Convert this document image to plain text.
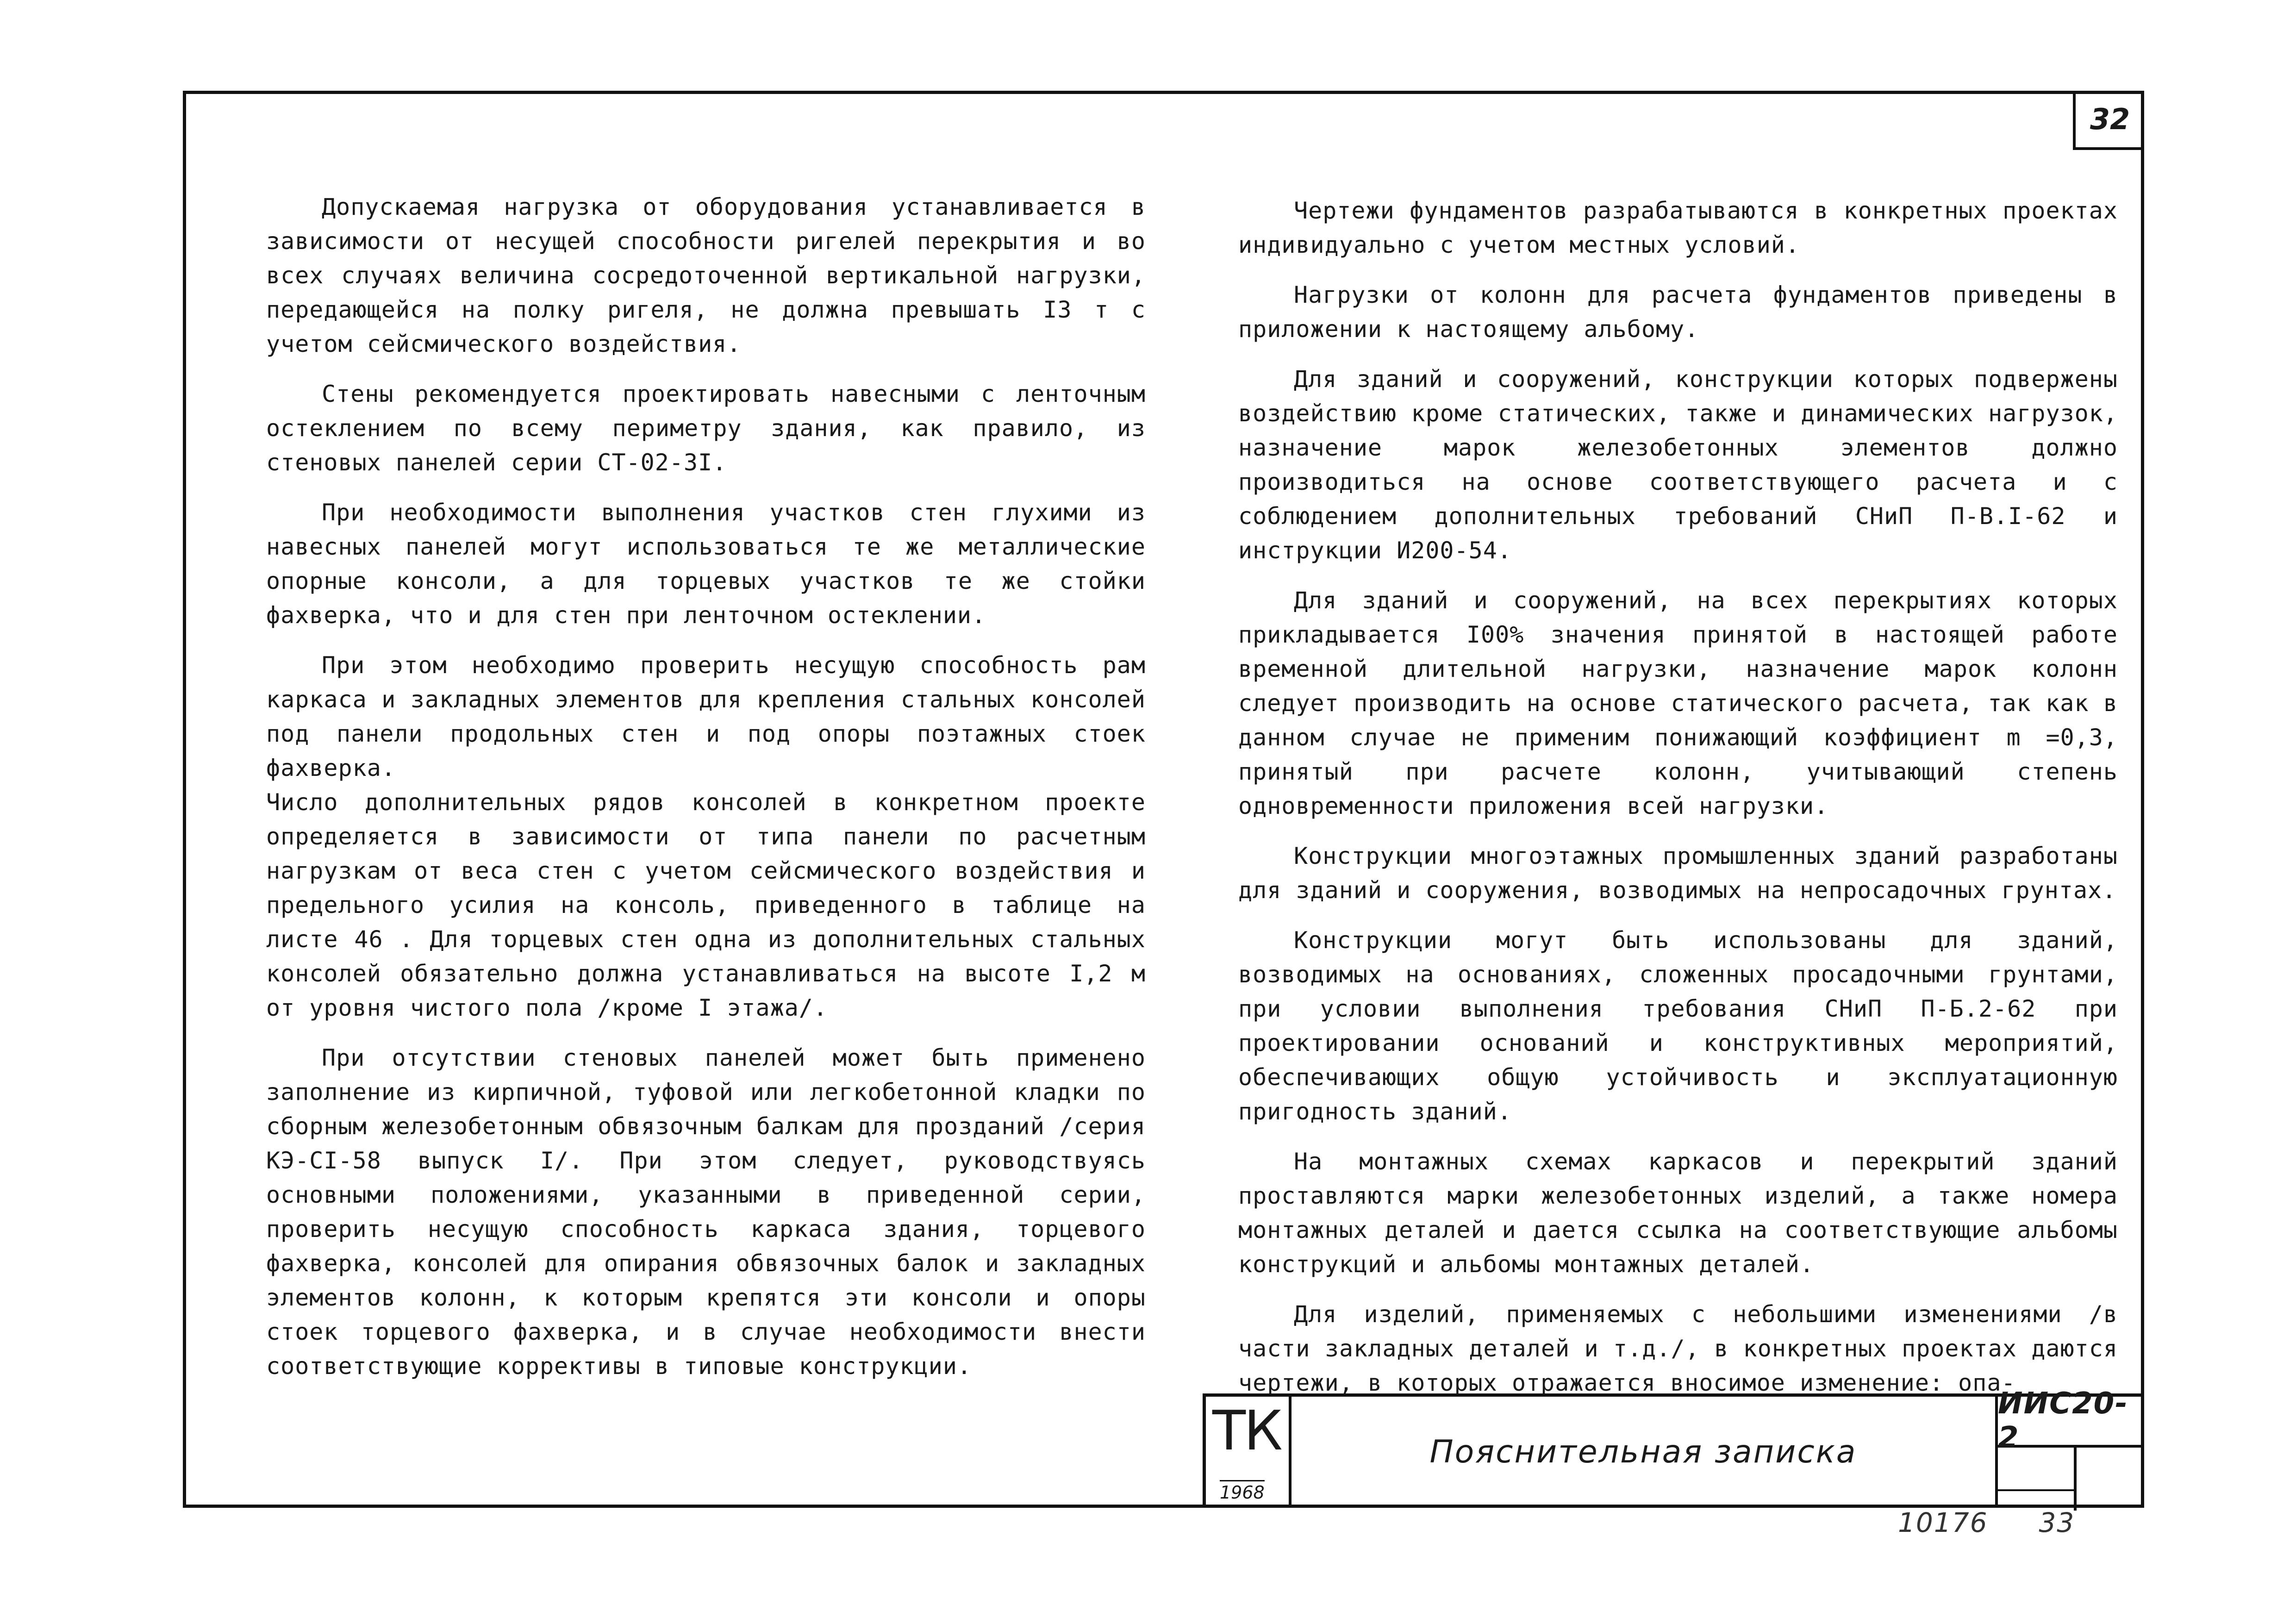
32

Допускаемая нагрузка от оборудования устанавливается в зависимости от несущей способности ригелей перекрытия и во всех случаях величина сосредоточенной вертикальной нагрузки, передающейся на полку ригеля, не должна превышать I3 т с учетом сейсмического воздействия.

Стены рекомендуется проектировать навесными с ленточным остеклением по всему периметру здания, как правило, из стеновых панелей серии СТ-02-3I.

При необходимости выполнения участков стен глухими из навесных панелей могут использоваться те же металлические опорные консоли, а для торцевых участков те же стойки фахверка, что и для стен при ленточном остеклении.

При этом необходимо проверить несущую способность рам каркаса и закладных элементов для крепления стальных консолей под панели продольных стен и под опоры поэтажных стоек фахверка.

Число дополнительных рядов консолей в конкретном проекте определяется в зависимости от типа панели по расчетным нагрузкам от веса стен с учетом сейсмического воздействия и предельного усилия на консоль, приведенного в таблице на листе 46 . Для торцевых стен одна из дополнительных стальных консолей обязательно должна устанавливаться на высоте I,2 м от уровня чистого пола /кроме I этажа/.

При отсутствии стеновых панелей может быть применено заполнение из кирпичной, туфовой или легкобетонной кладки по сборным железобетонным обвязочным балкам для прозданий /серия КЭ-СI-58 выпуск I/. При этом следует, руководствуясь основными положениями, указанными в приведенной серии, проверить несущую способность каркаса здания, торцевого фахверка, консолей для опирания обвязочных балок и закладных элементов колонн, к которым крепятся эти консоли и опоры стоек торцевого фахверка, и в случае необходимости внести соответствующие коррективы в типовые конструкции.

Чертежи фундаментов разрабатываются в конкретных проектах индивидуально с учетом местных условий.

Нагрузки от колонн для расчета фундаментов приведены в приложении к настоящему альбому.

Для зданий и сооружений, конструкции которых подвержены воздействию кроме статических, также и динамических нагрузок, назначение марок железобетонных элементов должно производиться на основе соответствующего расчета и с соблюдением дополнительных требований СНиП П-В.I-62 и инструкции И200-54.

Для зданий и сооружений, на всех перекрытиях которых прикладывается I00% значения принятой в настоящей работе временной длительной нагрузки, назначение марок колонн следует производить на основе статического расчета, так как в данном случае не применим понижающий коэффициент m =0,3, принятый при расчете колонн, учитывающий степень одновременности приложения всей нагрузки.

Конструкции многоэтажных промышленных зданий разработаны для зданий и сооружения, возводимых на непросадочных грунтах.

Конструкции могут быть использованы для зданий, возводимых на основаниях, сложенных просадочными грунтами, при условии выполнения требования СНиП П-Б.2-62 при проектировании оснований и конструктивных мероприятий, обеспечивающих общую устойчивость и эксплуатационную пригодность зданий.

На монтажных схемах каркасов и перекрытий зданий проставляются марки железобетонных изделий, а также номера монтажных деталей и дается ссылка на соответствующие альбомы конструкций и альбомы монтажных деталей.

Для изделий, применяемых с небольшими изменениями /в части закладных деталей и т.д./, в конкретных проектах даются чертежи, в которых отражается вносимое изменение: опа-

ТК
1968
Пояснительная записка
ИИС20-2
10176 33
